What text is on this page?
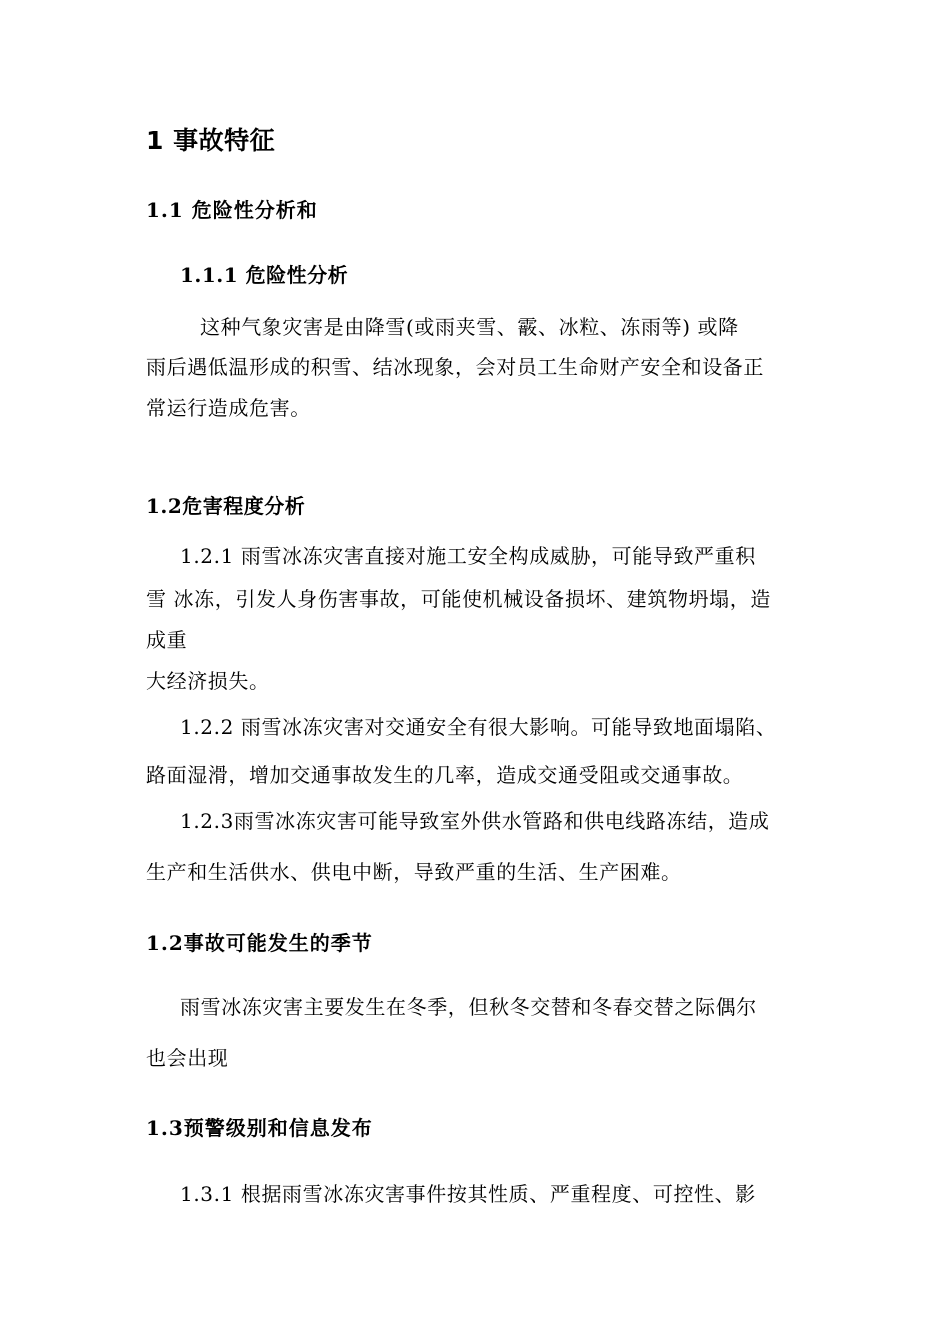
1 事故特征
1.1 危险性分析和
1.1.1 危险性分析

这种气象灾害是由降雪(或雨夹雪、霰、冰粒、冻雨等) 或降

雨后遇低温形成的积雪、结冰现象，会对员工生命财产安全和设备正

常运行造成危害。

1.2危害程度分析

1.2.1 雨雪冰冻灾害直接对施工安全构成威胁，可能导致严重积

雪 冰冻，引发人身伤害事故，可能使机械设备损坏、建筑物坍塌，造

成重

大经济损失。

1.2.2 雨雪冰冻灾害对交通安全有很大影响。可能导致地面塌陷、

路面湿滑，增加交通事故发生的几率，造成交通受阻或交通事故。

1.2.3雨雪冰冻灾害可能导致室外供水管路和供电线路冻结，造成

生产和生活供水、供电中断，导致严重的生活、生产困难。

1.2事故可能发生的季节

雨雪冰冻灾害主要发生在冬季，但秋冬交替和冬春交替之际偶尔

也会出现

1.3预警级别和信息发布

1.3.1 根据雨雪冰冻灾害事件按其性质、严重程度、可控性、影
